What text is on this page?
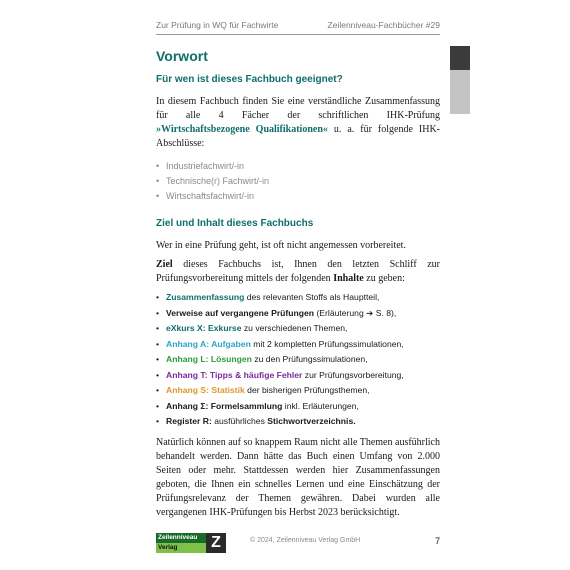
Zur Prüfung in WQ für Fachwirte	Zeilenniveau-Fachbücher #29
Vorwort
Für wen ist dieses Fachbuch geeignet?

In diesem Fachbuch finden Sie eine verständliche Zusammenfassung für alle 4 Fächer der schriftlichen IHK-Prüfung »Wirtschaftsbezogene Qualifikationen« u. a. für folgende IHK-Abschlüsse:

• Industriefachwirt/-in
• Technische(r) Fachwirt/-in
• Wirtschaftsfachwirt/-in
Ziel und Inhalt dieses Fachbuchs

Wer in eine Prüfung geht, ist oft nicht angemessen vorbereitet.

Ziel dieses Fachbuchs ist, Ihnen den letzten Schliff zur Prüfungsvorbereitung mittels der folgenden Inhalte zu geben:

• Zusammenfassung des relevanten Stoffs als Hauptteil,
• Verweise auf vergangene Prüfungen (Erläuterung ➔ S. 8),
• eXkurs X: Exkurse zu verschiedenen Themen,
• Anhang A: Aufgaben mit 2 kompletten Prüfungssimulationen,
• Anhang L: Lösungen zu den Prüfungssimulationen,
• Anhang T: Tipps & häufige Fehler zur Prüfungsvorbereitung,
• Anhang S: Statistik der bisherigen Prüfungsthemen,
• Anhang Σ: Formelsammlung inkl. Erläuterungen,
• Register R: ausführliches Stichwortverzeichnis.

Natürlich können auf so knappem Raum nicht alle Themen ausführlich behandelt werden. Dann hätte das Buch einen Umfang von 2.000 Seiten oder mehr. Stattdessen werden hier Zusammenfassungen geboten, die Ihnen ein schnelles Lernen und eine Einschätzung der Prüfungsrelevanz der Themen gewähren. Dabei wurden alle vergangenen IHK-Prüfungen bis Herbst 2023 berücksichtigt.

Zeilenniveau
Verlag	Z	© 2024, Zeilenniveau Verlag GmbH	7
